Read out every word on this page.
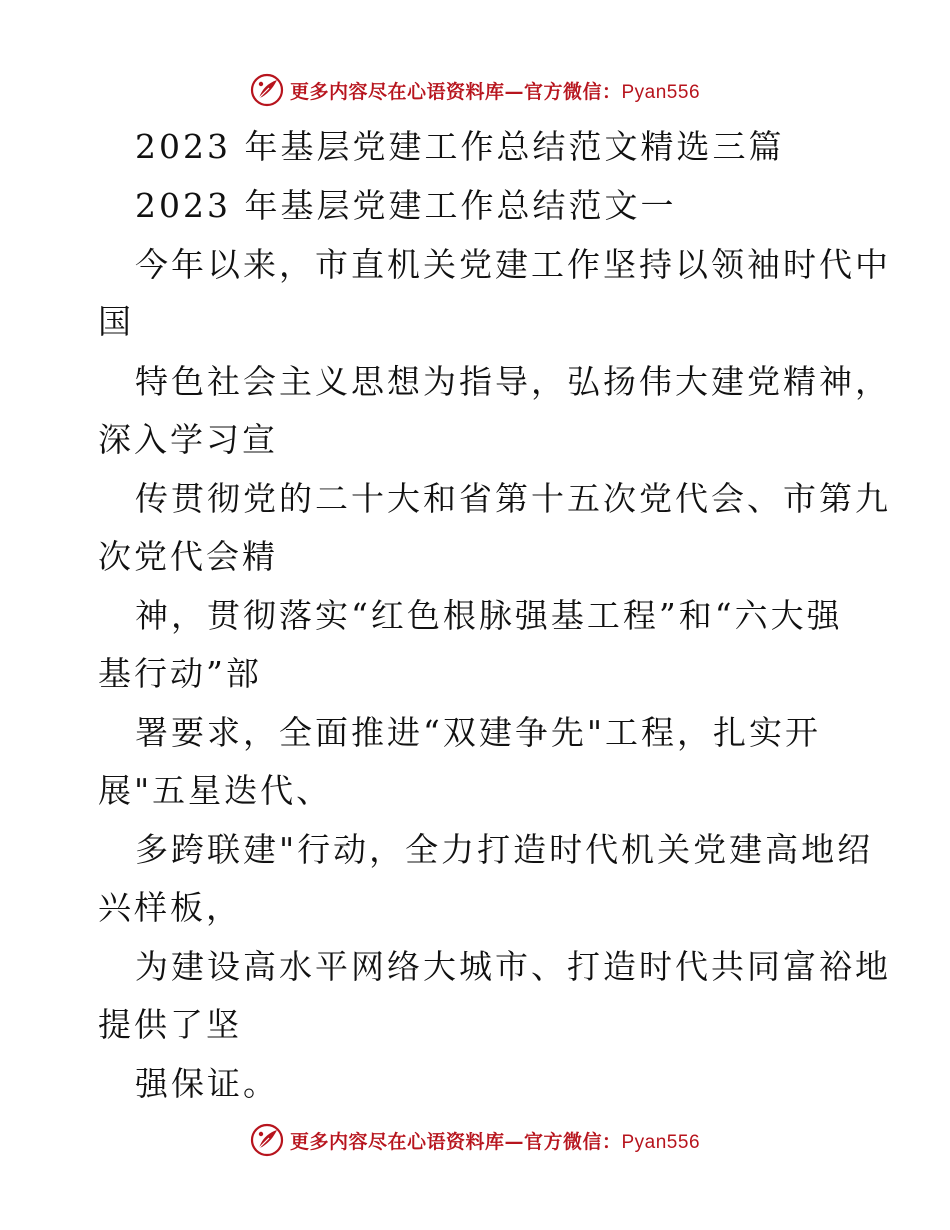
更多内容尽在心语资料库—官方微信：Pyan556
2023 年基层党建工作总结范文精选三篇
2023 年基层党建工作总结范文一
今年以来，市直机关党建工作坚持以领袖时代中
国
特色社会主义思想为指导，弘扬伟大建党精神，
深入学习宣
传贯彻党的二十大和省第十五次党代会、市第九
次党代会精
神，贯彻落实“红色根脉强基工程”和“六大强
基行动”部
署要求，全面推进“双建争先"工程，扎实开
展"五星迭代、
多跨联建"行动，全力打造时代机关党建高地绍
兴样板，
为建设高水平网络大城市、打造时代共同富裕地
提供了坚
强保证。
更多内容尽在心语资料库—官方微信：Pyan556
